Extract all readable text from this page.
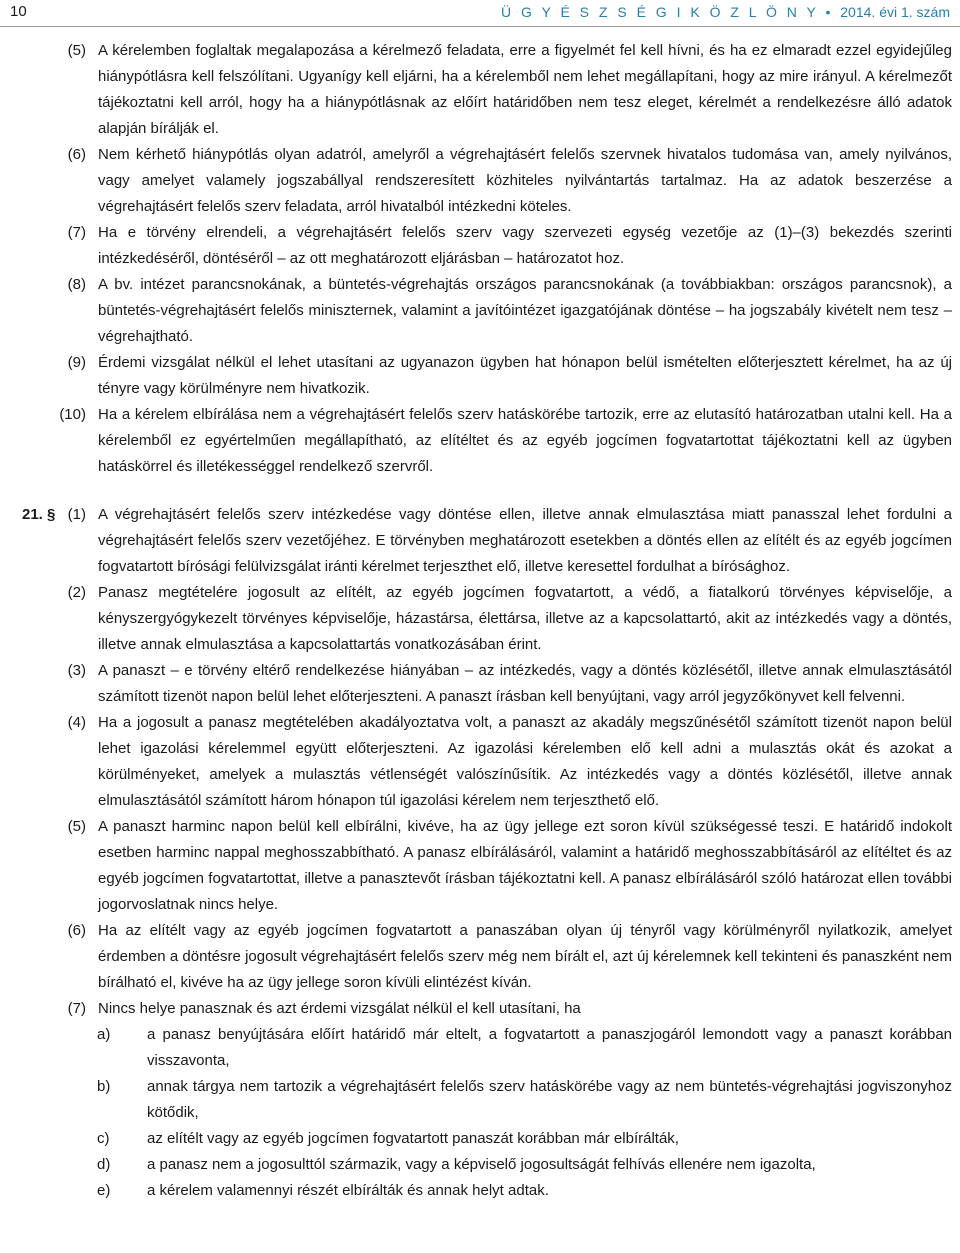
10	Ü G Y É S Z S É G I K Ö Z L Ö N Y • 2014. évi 1. szám
(5) A kérelemben foglaltak megalapozása a kérelmező feladata, erre a figyelmét fel kell hívni, és ha ez elmaradt ezzel egyidejűleg hiánypótlásra kell felszólítani. Ugyanígy kell eljárni, ha a kérelemből nem lehet megállapítani, hogy az mire irányul. A kérelmezőt tájékoztatni kell arról, hogy ha a hiánypótlásnak az előírt határidőben nem tesz eleget, kérelmét a rendelkezésre álló adatok alapján bírálják el.
(6) Nem kérhető hiánypótlás olyan adatról, amelyről a végrehajtásért felelős szervnek hivatalos tudomása van, amely nyilvános, vagy amelyet valamely jogszabállyal rendszeresített közhiteles nyilvántartás tartalmaz. Ha az adatok beszerzése a végrehajtásért felelős szerv feladata, arról hivatalból intézkedni köteles.
(7) Ha e törvény elrendeli, a végrehajtásért felelős szerv vagy szervezeti egység vezetője az (1)–(3) bekezdés szerinti intézkedéséről, döntéséről – az ott meghatározott eljárásban – határozatot hoz.
(8) A bv. intézet parancsnokának, a büntetés-végrehajtás országos parancsnokának (a továbbiakban: országos parancsnok), a büntetés-végrehajtásért felelős miniszternek, valamint a javítóintézet igazgatójának döntése – ha jogszabály kivételt nem tesz – végrehajtható.
(9) Érdemi vizsgálat nélkül el lehet utasítani az ugyanazon ügyben hat hónapon belül ismételten előterjesztett kérelmet, ha az új tényre vagy körülményre nem hivatkozik.
(10) Ha a kérelem elbírálása nem a végrehajtásért felelős szerv hatáskörébe tartozik, erre az elutasító határozatban utalni kell. Ha a kérelemből ez egyértelműen megállapítható, az elítéltet és az egyéb jogcímen fogvatartottat tájékoztatni kell az ügyben hatáskörrel és illetékességgel rendelkező szervről.
21. § (1) A végrehajtásért felelős szerv intézkedése vagy döntése ellen, illetve annak elmulasztása miatt panasszal lehet fordulni a végrehajtásért felelős szerv vezetőjéhez. E törvényben meghatározott esetekben a döntés ellen az elítélt és az egyéb jogcímen fogvatartott bírósági felülvizsgálat iránti kérelmet terjeszthet elő, illetve keresettel fordulhat a bírósághoz.
(2) Panasz megtételére jogosult az elítélt, az egyéb jogcímen fogvatartott, a védő, a fiatalkorú törvényes képviselője, a kényszergyógykezelt törvényes képviselője, házastársa, élettársa, illetve az a kapcsolattartó, akit az intézkedés vagy a döntés, illetve annak elmulasztása a kapcsolattartás vonatkozásában érint.
(3) A panaszt – e törvény eltérő rendelkezése hiányában – az intézkedés, vagy a döntés közlésétől, illetve annak elmulasztásától számított tizenöt napon belül lehet előterjeszteni. A panaszt írásban kell benyújtani, vagy arról jegyzőkönyvet kell felvenni.
(4) Ha a jogosult a panasz megtételében akadályoztatva volt, a panaszt az akadály megszűnésétől számított tizenöt napon belül lehet igazolási kérelemmel együtt előterjeszteni. Az igazolási kérelemben elő kell adni a mulasztás okát és azokat a körülményeket, amelyek a mulasztás vétlenségét valószínűsítik. Az intézkedés vagy a döntés közlésétől, illetve annak elmulasztásától számított három hónapon túl igazolási kérelem nem terjeszthető elő.
(5) A panaszt harminc napon belül kell elbírálni, kivéve, ha az ügy jellege ezt soron kívül szükségessé teszi. E határidő indokolt esetben harminc nappal meghosszabbítható. A panasz elbírálásáról, valamint a határidő meghosszabbításáról az elítéltet és az egyéb jogcímen fogvatartottat, illetve a panasztevőt írásban tájékoztatni kell. A panasz elbírálásáról szóló határozat ellen további jogorvoslatnak nincs helye.
(6) Ha az elítélt vagy az egyéb jogcímen fogvatartott a panaszában olyan új tényről vagy körülményről nyilatkozik, amelyet érdemben a döntésre jogosult végrehajtásért felelős szerv még nem bírált el, azt új kérelemnek kell tekinteni és panaszként nem bírálható el, kivéve ha az ügy jellege soron kívüli elintézést kíván.
(7) Nincs helye panasznak és azt érdemi vizsgálat nélkül el kell utasítani, ha
a) a panasz benyújtására előírt határidő már eltelt, a fogvatartott a panaszjogáról lemondott vagy a panaszt korábban visszavonta,
b) annak tárgya nem tartozik a végrehajtásért felelős szerv hatáskörébe vagy az nem büntetés-végrehajtási jogviszonyhoz kötődik,
c)	az elítélt vagy az egyéb jogcímen fogvatartott panaszát korábban már elbírálták,
d) a panasz nem a jogosulttól származik, vagy a képviselő jogosultságát felhívás ellenére nem igazolta,
e) a kérelem valamennyi részét elbírálták és annak helyt adtak.
